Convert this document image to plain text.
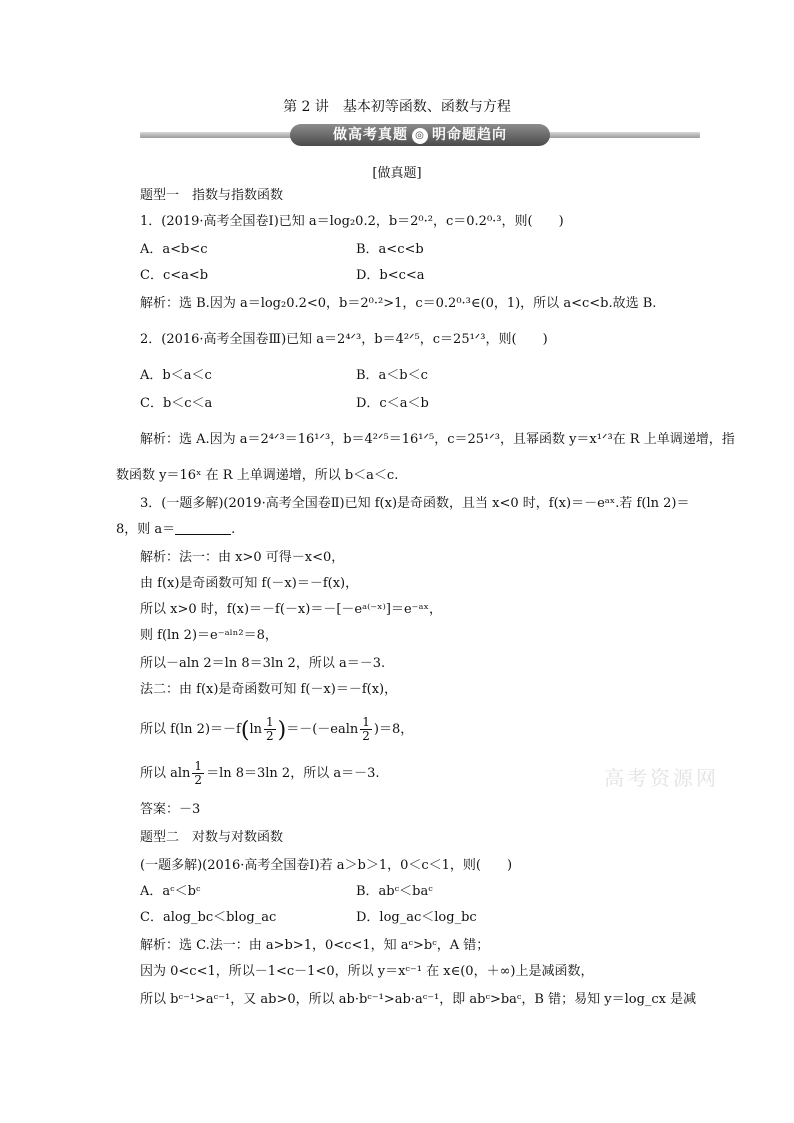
第 2 讲　基本初等函数、函数与方程
做高考真题 ◎ 明命题趋向
[做真题]
题型一　指数与指数函数
1．(2019·高考全国卷Ⅰ)已知 a＝log₂0.2，b＝2⁰·²，c＝0.2⁰·³，则(　　)
A．a<b<c	B．a<c<b
C．c<a<b	D．b<c<a
解析：选 B.因为 a＝log₂0.2<0，b＝2⁰·²>1，c＝0.2⁰·³∈(0，1)，所以 a<c<b.故选 B.
2．(2016·高考全国卷Ⅲ)已知 a＝2⁴ᐟ³，b＝4²ᐟ⁵，c＝25¹ᐟ³，则(　　)
A．b＜a＜c	B．a＜b＜c
C．b＜c＜a	D．c＜a＜b
解析：选 A.因为 a＝2⁴ᐟ³＝16¹ᐟ³，b＝4²ᐟ⁵＝16¹ᐟ⁵，c＝25¹ᐟ³，且幂函数 y＝x¹ᐟ³在 R 上单调递增，指
数函数 y＝16ˣ 在 R 上单调递增，所以 b＜a＜c.
3．(一题多解)(2019·高考全国卷Ⅱ)已知 f(x)是奇函数，且当 x<0 时，f(x)＝－eᵃˣ.若 f(ln 2)＝
8，则 a＝	.
解析：法一：由 x>0 可得－x<0，
由 f(x)是奇函数可知 f(－x)＝－f(x)，
所以 x>0 时，f(x)＝－f(－x)＝－[－eᵃ⁽⁻ˣ⁾]＝e⁻ᵃˣ，
则 f(ln 2)＝e⁻ᵃˡⁿ²＝8，
所以－aln 2＝ln 8＝3ln 2，所以 a＝－3.
法二：由 f(x)是奇函数可知 f(－x)＝－f(x)，
所以 f(ln $2)=-f(\ln \frac{1}{2} )=-(-ealn \frac{1}{2} )=8$，
所以 aln $\frac{1}{2} =\ln$ 8＝3ln 2，所以 a＝－3.
答案：－3
题型二　对数与对数函数
(一题多解)(2016·高考全国卷Ⅰ)若 a＞b＞1，0＜c＜1，则(　　)
A．aᶜ＜bᶜ	B．abᶜ＜baᶜ
C．alog_bc＜blog_ac	D．log_ac＜log_bc
解析：选 C.法一：由 a>b>1，0<c<1，知 aᶜ>bᶜ，A 错；
因为 0<c<1，所以－1<c－1<0，所以 y＝xᶜ⁻¹ 在 x∈(0，＋∞)上是减函数，
所以 bᶜ⁻¹>aᶜ⁻¹，又 ab>0，所以 ab·bᶜ⁻¹>ab·aᶜ⁻¹，即 abᶜ>baᶜ，B 错；易知 y＝log_cx 是减
高考资源网
